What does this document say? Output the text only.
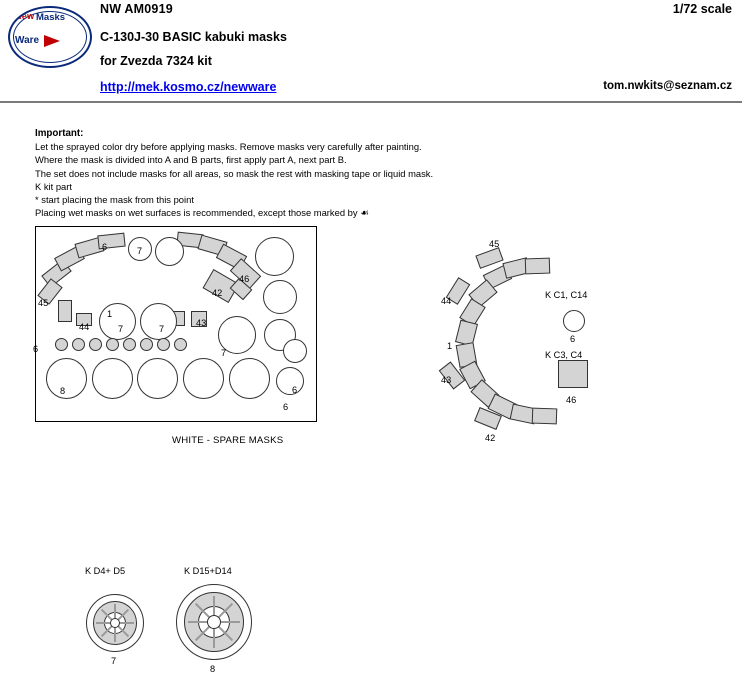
New Masks
Ware
NW AM0919	1/72 scale
C-130J-30 BASIC kabuki masks
for Zvezda 7324 kit
http://mek.kosmo.cz/newware	tom.nwkits@seznam.cz
Important:
Let the sprayed color dry before applying masks. Remove masks very carefully after painting.
Where the mask is divided into A and B parts, first apply part A, next part B.
The set does not include masks for all areas, so mask the rest with masking tape or liquid mask.
K kit part
* start placing the mask from this point
Placing wet masks on wet surfaces is recommended, except those marked by ☙
6	7
46
45
42
44
1
7	7
43
6	7
8	6
6
WHITE - SPARE MASKS
45
44
1
43
42
46
6
K C1, C14
K C3, C4
K D4+ D5
7
K D15+D14
8
